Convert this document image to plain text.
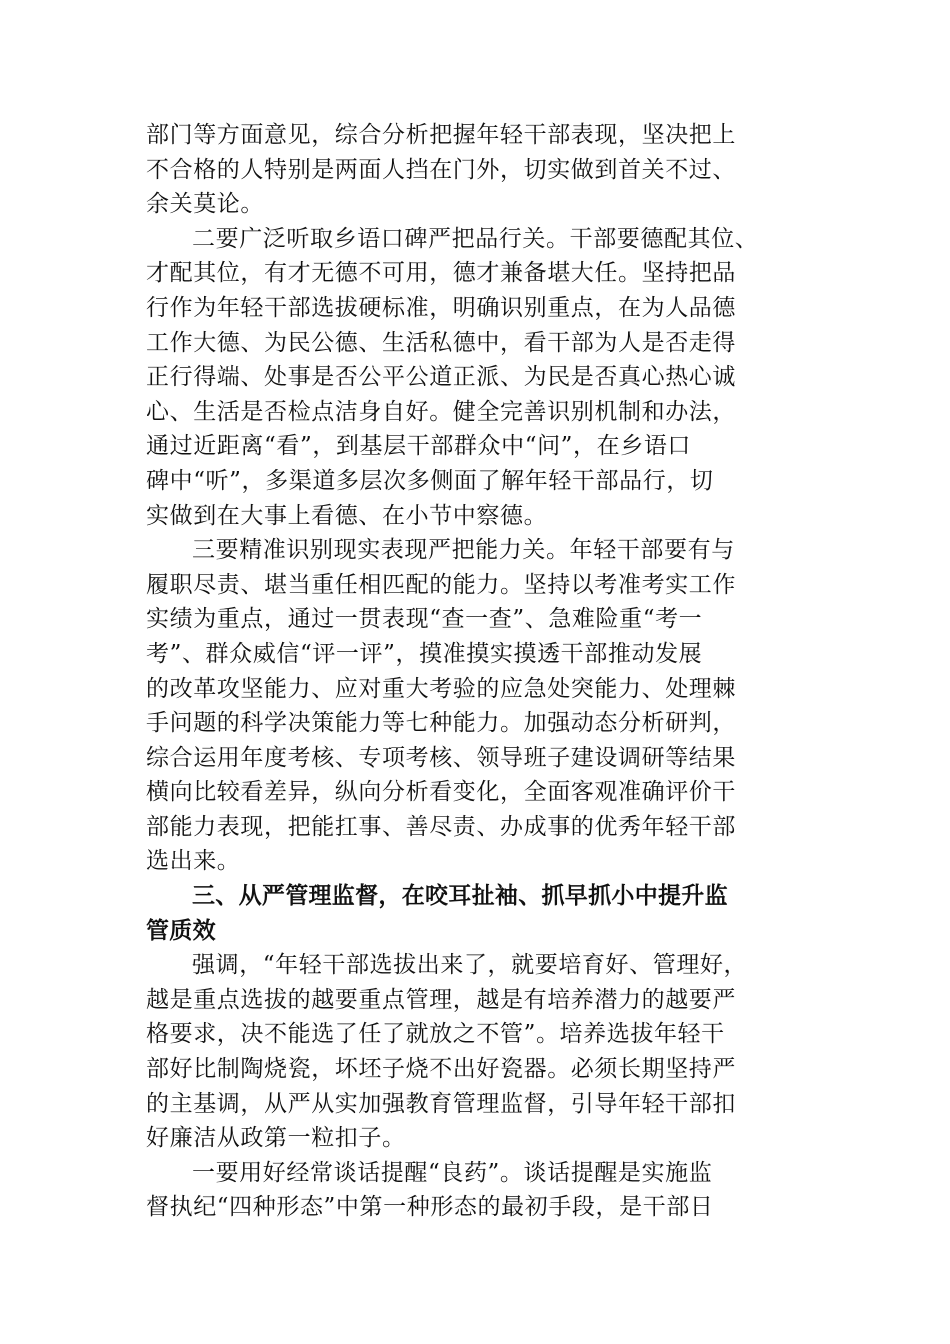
部门等方面意见，综合分析把握年轻干部表现，坚决把上
不合格的人特别是两面人挡在门外，切实做到首关不过、
余关莫论。
二要广泛听取乡语口碑严把品行关。干部要德配其位、
才配其位，有才无德不可用，德才兼备堪大任。坚持把品
行作为年轻干部选拔硬标准，明确识别重点，在为人品德
工作大德、为民公德、生活私德中，看干部为人是否走得
正行得端、处事是否公平公道正派、为民是否真心热心诚
心、生活是否检点洁身自好。健全完善识别机制和办法，
通过近距离“看”，到基层干部群众中“问”，在乡语口
碑中“听”，多渠道多层次多侧面了解年轻干部品行，切
实做到在大事上看德、在小节中察德。
三要精准识别现实表现严把能力关。年轻干部要有与
履职尽责、堪当重任相匹配的能力。坚持以考准考实工作
实绩为重点，通过一贯表现“查一查”、急难险重“考一
考”、群众威信“评一评”，摸准摸实摸透干部推动发展
的改革攻坚能力、应对重大考验的应急处突能力、处理棘
手问题的科学决策能力等七种能力。加强动态分析研判，
综合运用年度考核、专项考核、领导班子建设调研等结果
横向比较看差异，纵向分析看变化，全面客观准确评价干
部能力表现，把能扛事、善尽责、办成事的优秀年轻干部
选出来。
三、从严管理监督，在咬耳扯袖、抓早抓小中提升监
管质效
强调，“年轻干部选拔出来了，就要培育好、管理好，
越是重点选拔的越要重点管理，越是有培养潜力的越要严
格要求，决不能选了任了就放之不管”。培养选拔年轻干
部好比制陶烧瓷，坏坯子烧不出好瓷器。必须长期坚持严
的主基调，从严从实加强教育管理监督，引导年轻干部扣
好廉洁从政第一粒扣子。
一要用好经常谈话提醒“良药”。谈话提醒是实施监
督执纪“四种形态”中第一种形态的最初手段，是干部日
